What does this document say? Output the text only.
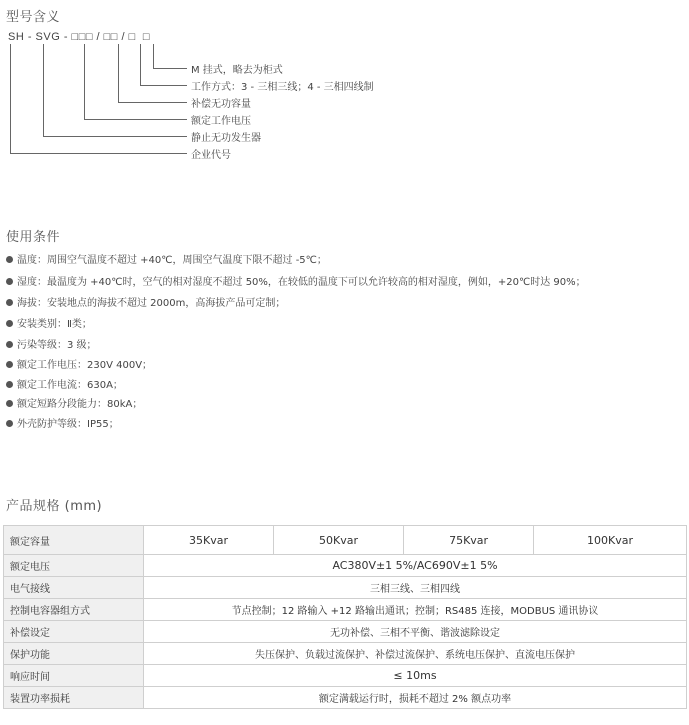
型号含义
SH - SVG - □□□ / □□ / □  □
M 挂式，略去为柜式
工作方式：3 - 三相三线；4 - 三相四线制
补偿无功容量
额定工作电压
静止无功发生器
企业代号
使用条件
温度：周围空气温度不超过 +40℃，周围空气温度下限不超过 -5℃；
湿度：最温度为 +40℃时，空气的相对湿度不超过 50%，在较低的温度下可以允许较高的相对湿度，例如，+20℃时达 90%；
海拔：安装地点的海拔不超过 2000m，高海拔产品可定制；
安装类别：Ⅱ类；
污染等级：3 级；
额定工作电压：230V 400V；
额定工作电流：630A；
额定短路分段能力：80kA；
外壳防护等级：IP55；
产品规格 (mm)
额定容量	35Kvar	50Kvar	75Kvar	100Kvar
额定电压	AC380V±1 5%/AC690V±1 5%			
电气接线	三相三线、三相四线			
控制电容器组方式	节点控制；12 路输入 +12 路输出通讯；控制；RS485 连接，MODBUS 通讯协议			
补偿设定	无功补偿、三相不平衡、谐波滤除设定			
保护功能	失压保护、负载过流保护、补偿过流保护、系统电压保护、直流电压保护			
响应时间	≤ 10ms			
装置功率损耗	额定满载运行时，损耗不超过 2% 额点功率			
